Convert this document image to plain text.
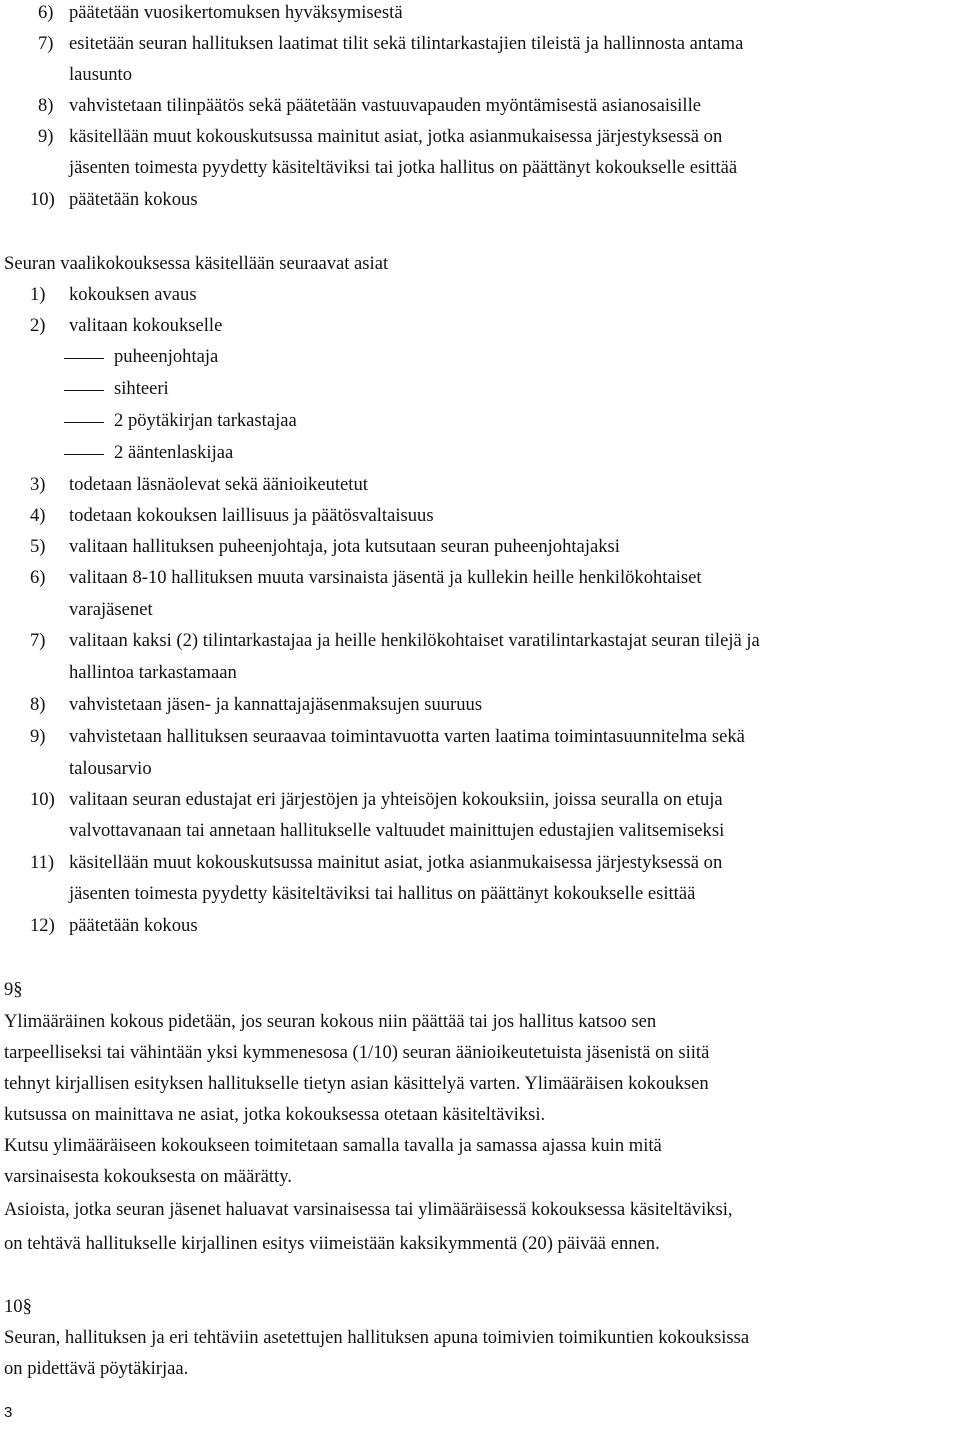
6) päätetään vuosikertomuksen hyväksymisestä
7) esitetään seuran hallituksen laatimat tilit sekä tilintarkastajien tileistä ja hallinnosta antama
lausunto
8) vahvistetaan tilinpäätös sekä päätetään vastuuvapauden myöntämisestä asianosaisille
9) käsitellään muut kokouskutsussa mainitut asiat, jotka asianmukaisessa järjestyksessä on
jäsenten toimesta pyydetty käsiteltäviksi tai jotka hallitus on päättänyt kokoukselle esittää
10) päätetään kokous
Seuran vaalikokouksessa käsitellään seuraavat asiat
1) kokouksen avaus
2) valitaan kokoukselle
puheenjohtaja
sihteeri
2 pöytäkirjan tarkastajaa
2 ääntenlaskijaa
3) todetaan läsnäolevat sekä äänioikeutetut
4) todetaan kokouksen laillisuus ja päätösvaltaisuus
5) valitaan hallituksen puheenjohtaja, jota kutsutaan seuran puheenjohtajaksi
6) valitaan 8-10 hallituksen muuta varsinaista jäsentä ja kullekin heille henkilökohtaiset
varajäsenet
7) valitaan kaksi (2) tilintarkastajaa ja heille henkilökohtaiset varatilintarkastajat seuran tilejä ja
hallintoa tarkastamaan
8) vahvistetaan jäsen- ja kannattajajäsenmaksujen suuruus
9) vahvistetaan hallituksen seuraavaa toimintavuotta varten laatima toimintasuunnitelma sekä
talousarvio
10) valitaan seuran edustajat eri järjestöjen ja yhteisöjen kokouksiin, joissa seuralla on etuja
valvottavanaan tai annetaan hallitukselle valtuudet mainittujen edustajien valitsemiseksi
11) käsitellään muut kokouskutsussa mainitut asiat, jotka asianmukaisessa järjestyksessä on
jäsenten toimesta pyydetty käsiteltäviksi tai hallitus on päättänyt kokoukselle esittää
12) päätetään kokous
9§
Ylimääräinen kokous pidetään, jos seuran kokous niin päättää tai jos hallitus katsoo sen
tarpeelliseksi tai vähintään yksi kymmenesosa (1/10) seuran äänioikeutetuista jäsenistä on siitä
tehnyt kirjallisen esityksen hallitukselle tietyn asian käsittelyä varten. Ylimääräisen kokouksen
kutsussa on mainittava ne asiat, jotka kokouksessa otetaan käsiteltäviksi.
Kutsu ylimääräiseen kokoukseen toimitetaan samalla tavalla ja samassa ajassa kuin mitä
varsinaisesta kokouksesta on määrätty.
Asioista, jotka seuran jäsenet haluavat varsinaisessa tai ylimääräisessä kokouksessa käsiteltäviksi,
on tehtävä hallitukselle kirjallinen esitys viimeistään kaksikymmentä (20) päivää ennen.
10§
Seuran, hallituksen ja eri tehtäviin asetettujen hallituksen apuna toimivien toimikuntien kokouksissa
on pidettävä pöytäkirjaa.
3
